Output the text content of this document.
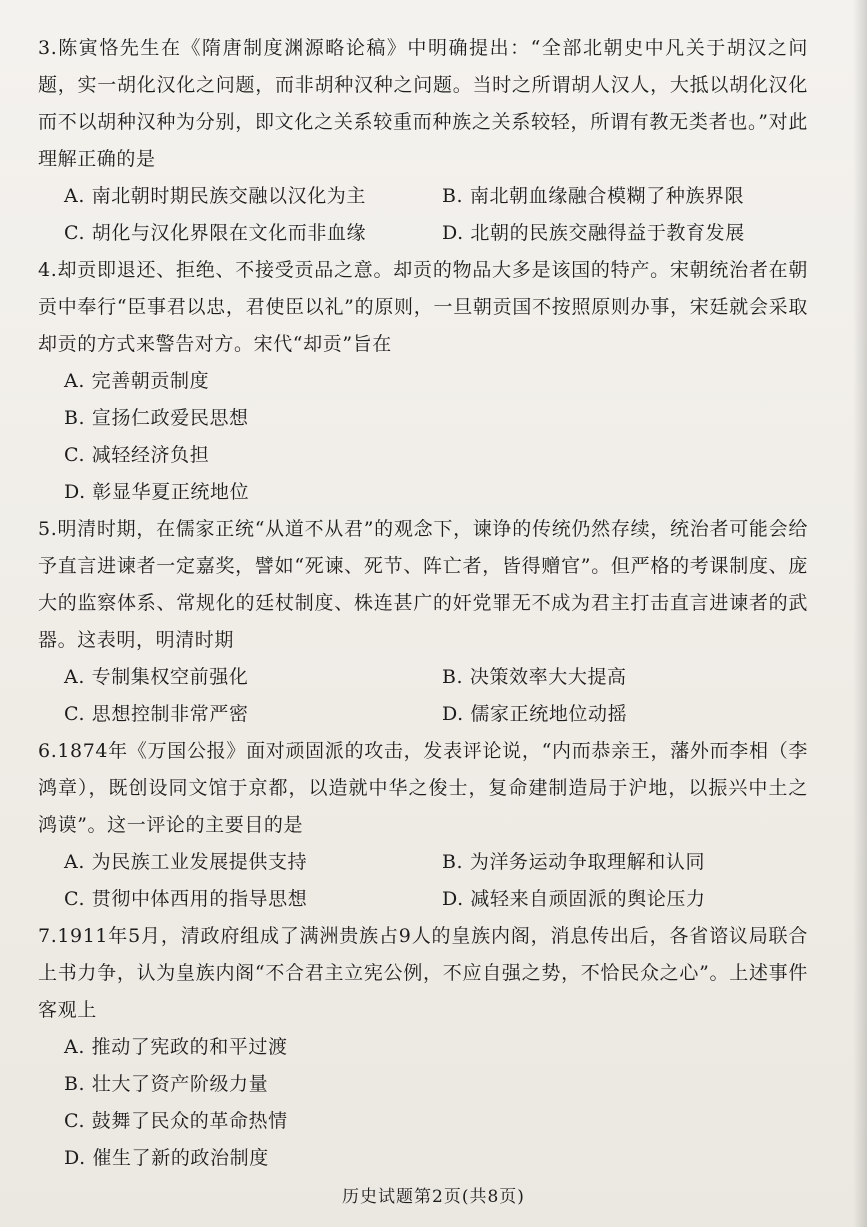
3.陈寅恪先生在《隋唐制度渊源略论稿》中明确提出：“全部北朝史中凡关于胡汉之问题，实一胡化汉化之问题，而非胡种汉种之问题。当时之所谓胡人汉人，大抵以胡化汉化而不以胡种汉种为分别，即文化之关系较重而种族之关系较轻，所谓有教无类者也。”对此理解正确的是

A. 南北朝时期民族交融以汉化为主	B. 南北朝血缘融合模糊了种族界限
C. 胡化与汉化界限在文化而非血缘	D. 北朝的民族交融得益于教育发展

4.却贡即退还、拒绝、不接受贡品之意。却贡的物品大多是该国的特产。宋朝统治者在朝贡中奉行“臣事君以忠，君使臣以礼”的原则，一旦朝贡国不按照原则办事，宋廷就会采取却贡的方式来警告对方。宋代“却贡”旨在

A. 完善朝贡制度
B. 宣扬仁政爱民思想
C. 减轻经济负担
D. 彰显华夏正统地位

5.明清时期，在儒家正统“从道不从君”的观念下，谏诤的传统仍然存续，统治者可能会给予直言进谏者一定嘉奖，譬如“死谏、死节、阵亡者，皆得赠官”。但严格的考课制度、庞大的监察体系、常规化的廷杖制度、株连甚广的奸党罪无不成为君主打击直言进谏者的武器。这表明，明清时期

A. 专制集权空前强化	B. 决策效率大大提高
C. 思想控制非常严密	D. 儒家正统地位动摇

6.1874年《万国公报》面对顽固派的攻击，发表评论说，“内而恭亲王，藩外而李相（李鸿章），既创设同文馆于京都，以造就中华之俊士，复命建制造局于沪地，以振兴中土之鸿谟”。这一评论的主要目的是

A. 为民族工业发展提供支持	B. 为洋务运动争取理解和认同
C. 贯彻中体西用的指导思想	D. 减轻来自顽固派的舆论压力

7.1911年5月，清政府组成了满洲贵族占9人的皇族内阁，消息传出后，各省谘议局联合上书力争，认为皇族内阁“不合君主立宪公例，不应自强之势，不恰民众之心”。上述事件客观上

A. 推动了宪政的和平过渡
B. 壮大了资产阶级力量
C. 鼓舞了民众的革命热情
D. 催生了新的政治制度
历史试题第2页(共8页)
